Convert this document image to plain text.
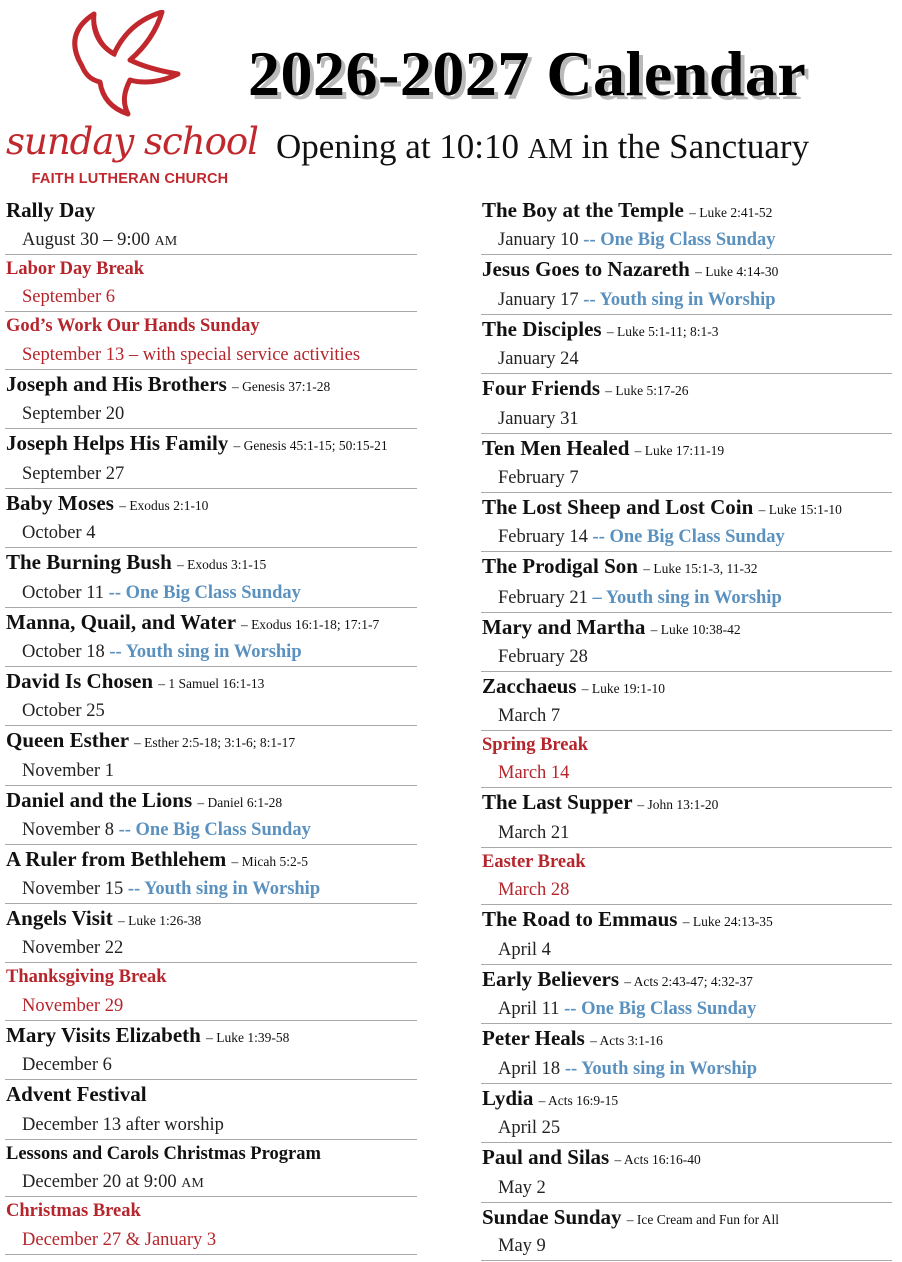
sunday school
FAITH LUTHERAN CHURCH
2026-2027 Calendar
Opening at 10:10 AM in the Sanctuary
Rally Day
August 30 – 9:00 AM
Labor Day Break
September 6
God’s Work Our Hands Sunday
September 13 – with special service activities
Joseph and His Brothers – Genesis 37:1-28
September 20
Joseph Helps His Family – Genesis 45:1-15; 50:15-21
September 27
Baby Moses – Exodus 2:1-10
October 4
The Burning Bush – Exodus 3:1-15
October 11 -- One Big Class Sunday
Manna, Quail, and Water – Exodus 16:1-18; 17:1-7
October 18 -- Youth sing in Worship
David Is Chosen – 1 Samuel 16:1-13
October 25
Queen Esther – Esther 2:5-18; 3:1-6; 8:1-17
November 1
Daniel and the Lions – Daniel 6:1-28
November 8 -- One Big Class Sunday
A Ruler from Bethlehem – Micah 5:2-5
November 15 -- Youth sing in Worship
Angels Visit – Luke 1:26-38
November 22
Thanksgiving Break
November 29
Mary Visits Elizabeth – Luke 1:39-58
December 6
Advent Festival
December 13 after worship
Lessons and Carols Christmas Program
December 20 at 9:00 AM
Christmas Break
December 27 & January 3
The Boy at the Temple – Luke 2:41-52
January 10 -- One Big Class Sunday
Jesus Goes to Nazareth – Luke 4:14-30
January 17 -- Youth sing in Worship
The Disciples – Luke 5:1-11; 8:1-3
January 24
Four Friends – Luke 5:17-26
January 31
Ten Men Healed – Luke 17:11-19
February 7
The Lost Sheep and Lost Coin – Luke 15:1-10
February 14 -- One Big Class Sunday
The Prodigal Son – Luke 15:1-3, 11-32
February 21 – Youth sing in Worship
Mary and Martha – Luke 10:38-42
February 28
Zacchaeus – Luke 19:1-10
March 7
Spring Break
March 14
The Last Supper – John 13:1-20
March 21
Easter Break
March 28
The Road to Emmaus – Luke 24:13-35
April 4
Early Believers – Acts 2:43-47; 4:32-37
April 11 -- One Big Class Sunday
Peter Heals – Acts 3:1-16
April 18 -- Youth sing in Worship
Lydia – Acts 16:9-15
April 25
Paul and Silas – Acts 16:16-40
May 2
Sundae Sunday – Ice Cream and Fun for All
May 9
